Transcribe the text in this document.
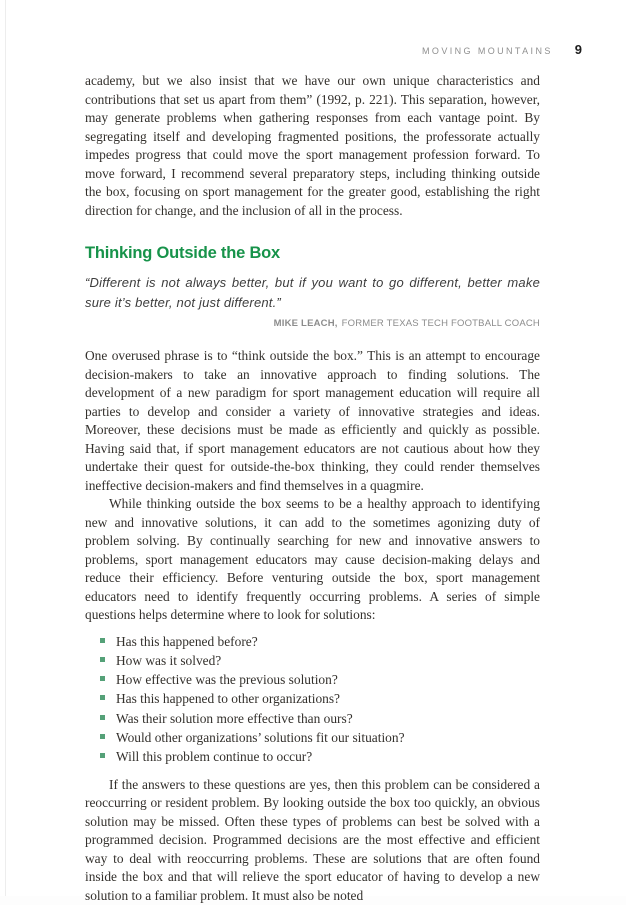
MOVING MOUNTAINS 9

academy, but we also insist that we have our own unique characteristics and contributions that set us apart from them” (1992, p. 221). This separation, however, may generate problems when gathering responses from each vantage point. By segregating itself and developing fragmented positions, the professorate actually impedes progress that could move the sport management profession forward. To move forward, I recommend several preparatory steps, including thinking outside the box, focusing on sport management for the greater good, establishing the right direction for change, and the inclusion of all in the process.

Thinking Outside the Box
“Different is not always better, but if you want to go different, better make sure it’s better, not just different.”
MIKE LEACH, FORMER TEXAS TECH FOOTBALL COACH

One overused phrase is to “think outside the box.” This is an attempt to encourage decision-makers to take an innovative approach to finding solutions. The development of a new paradigm for sport management education will require all parties to develop and consider a variety of innovative strategies and ideas. Moreover, these decisions must be made as efficiently and quickly as possible. Having said that, if sport management educators are not cautious about how they undertake their quest for outside-the-box thinking, they could render themselves ineffective decision-makers and find themselves in a quagmire.

While thinking outside the box seems to be a healthy approach to identifying new and innovative solutions, it can add to the sometimes agonizing duty of problem solving. By continually searching for new and innovative answers to problems, sport management educators may cause decision-making delays and reduce their efficiency. Before venturing outside the box, sport management educators need to identify frequently occurring problems. A series of simple questions helps determine where to look for solutions:

Has this happened before?
How was it solved?
How effective was the previous solution?
Has this happened to other organizations?
Was their solution more effective than ours?
Would other organizations’ solutions fit our situation?
Will this problem continue to occur?

If the answers to these questions are yes, then this problem can be considered a reoccurring or resident problem. By looking outside the box too quickly, an obvious solution may be missed. Often these types of problems can best be solved with a programmed decision. Programmed decisions are the most effective and efficient way to deal with reoccurring problems. These are solutions that are often found inside the box and that will relieve the sport educator of having to develop a new solution to a familiar problem. It must also be noted
